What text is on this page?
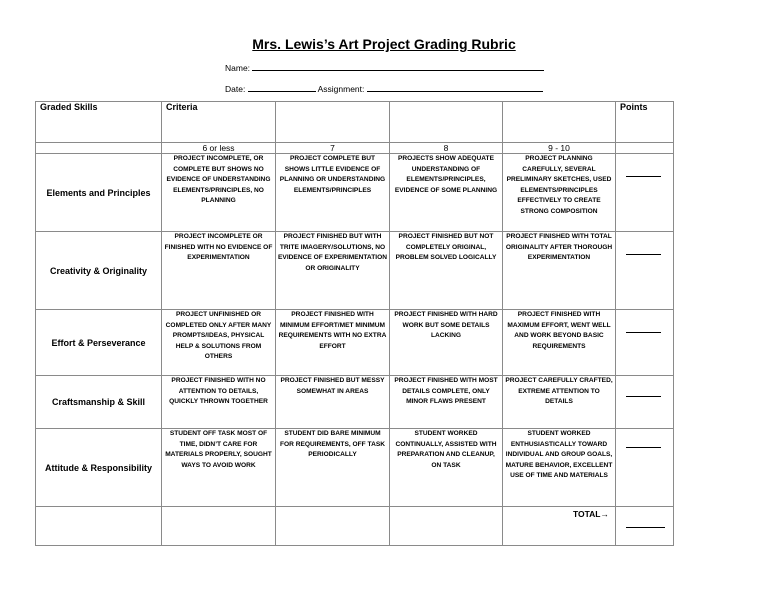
Mrs. Lewis’s Art Project Grading Rubric
Name:
Date:	Assignment:
Graded Skills	Criteria				Points
	6 or less	7	8	9 - 10	
Elements and Principles	PROJECT INCOMPLETE, OR COMPLETE BUT SHOWS NO EVIDENCE OF UNDERSTANDING ELEMENTS/PRINCIPLES, NO PLANNING	PROJECT COMPLETE BUT SHOWS LITTLE EVIDENCE OF PLANNING OR UNDERSTANDING ELEMENTS/PRINCIPLES	PROJECTS SHOW ADEQUATE UNDERSTANDING OF ELEMENTS/PRINCIPLES, EVIDENCE OF SOME PLANNING	PROJECT PLANNING CAREFULLY, SEVERAL PRELIMINARY SKETCHES, USED ELEMENTS/PRINCIPLES EFFECTIVELY TO CREATE STRONG COMPOSITION	

Creativity & Originality	PROJECT INCOMPLETE OR FINISHED WITH NO EVIDENCE OF EXPERIMENTATION	PROJECT FINISHED BUT WITH TRITE IMAGERY/SOLUTIONS, NO EVIDENCE OF EXPERIMENTATION OR ORIGINALITY	PROJECT FINISHED BUT NOT COMPLETELY ORIGINAL, PROBLEM SOLVED LOGICALLY	PROJECT FINISHED WITH TOTAL ORIGINALITY AFTER THOROUGH EXPERIMENTATION	

Effort & Perseverance	PROJECT UNFINISHED OR COMPLETED ONLY AFTER MANY PROMPTS/IDEAS, PHYSICAL HELP & SOLUTIONS FROM OTHERS	PROJECT FINISHED WITH MINIMUM EFFORT/MET MINIMUM REQUIREMENTS WITH NO EXTRA EFFORT	PROJECT FINISHED WITH HARD WORK BUT SOME DETAILS LACKING	PROJECT FINISHED WITH MAXIMUM EFFORT, WENT WELL AND WORK BEYOND BASIC REQUIREMENTS	

Craftsmanship & Skill	PROJECT FINISHED WITH NO ATTENTION TO DETAILS, QUICKLY THROWN TOGETHER	PROJECT FINISHED BUT MESSY SOMEWHAT IN AREAS	PROJECT FINISHED WITH MOST DETAILS COMPLETE, ONLY MINOR FLAWS PRESENT	PROJECT CAREFULLY CRAFTED, EXTREME ATTENTION TO DETAILS	

Attitude & Responsibility	STUDENT OFF TASK MOST OF TIME, DIDN’T CARE FOR MATERIALS PROPERLY, SOUGHT WAYS TO AVOID WORK	STUDENT DID BARE MINIMUM FOR REQUIREMENTS, OFF TASK PERIODICALLY	STUDENT WORKED CONTINUALLY, ASSISTED WITH PREPARATION AND CLEANUP, ON TASK	STUDENT WORKED ENTHUSIASTICALLY TOWARD INDIVIDUAL AND GROUP GOALS, MATURE BEHAVIOR, EXCELLENT USE OF TIME AND MATERIALS	

				TOTAL→	
